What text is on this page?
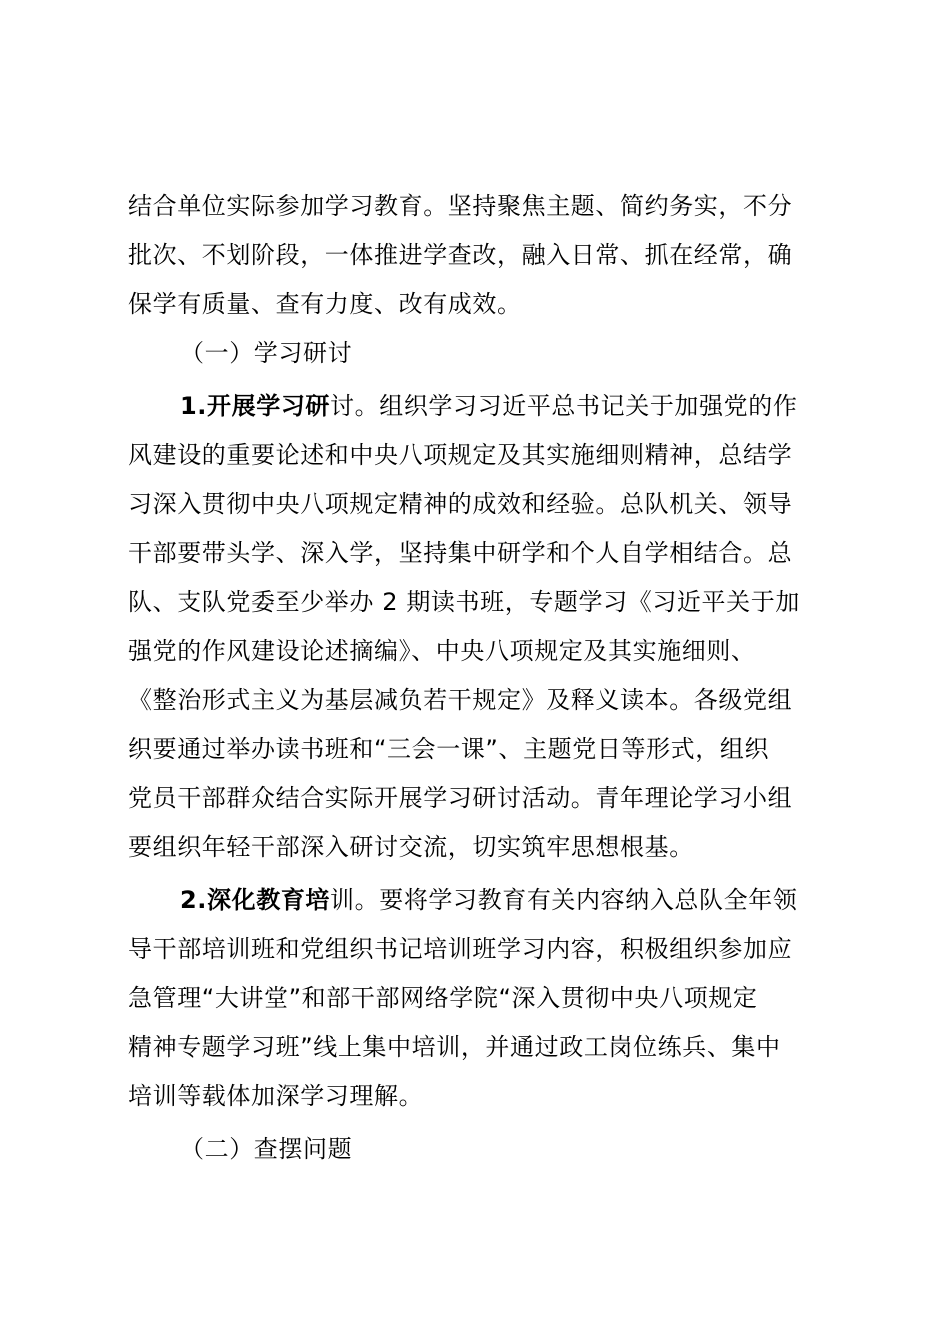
结合单位实际参加学习教育。坚持聚焦主题、简约务实，不分
批次、不划阶段，一体推进学查改，融入日常、抓在经常，确
保学有质量、查有力度、改有成效。
（一）学习研讨
1.开展学习研讨。组织学习习近平总书记关于加强党的作
风建设的重要论述和中央八项规定及其实施细则精神，总结学
习深入贯彻中央八项规定精神的成效和经验。总队机关、领导
干部要带头学、深入学，坚持集中研学和个人自学相结合。总
队、支队党委至少举办 2 期读书班，专题学习《习近平关于加
强党的作风建设论述摘编》、中央八项规定及其实施细则、
《整治形式主义为基层减负若干规定》及释义读本。各级党组
织要通过举办读书班和“三会一课”、主题党日等形式，组织
党员干部群众结合实际开展学习研讨活动。青年理论学习小组
要组织年轻干部深入研讨交流，切实筑牢思想根基。
2.深化教育培训。要将学习教育有关内容纳入总队全年领
导干部培训班和党组织书记培训班学习内容，积极组织参加应
急管理“大讲堂”和部干部网络学院“深入贯彻中央八项规定
精神专题学习班”线上集中培训，并通过政工岗位练兵、集中
培训等载体加深学习理解。
（二）查摆问题
